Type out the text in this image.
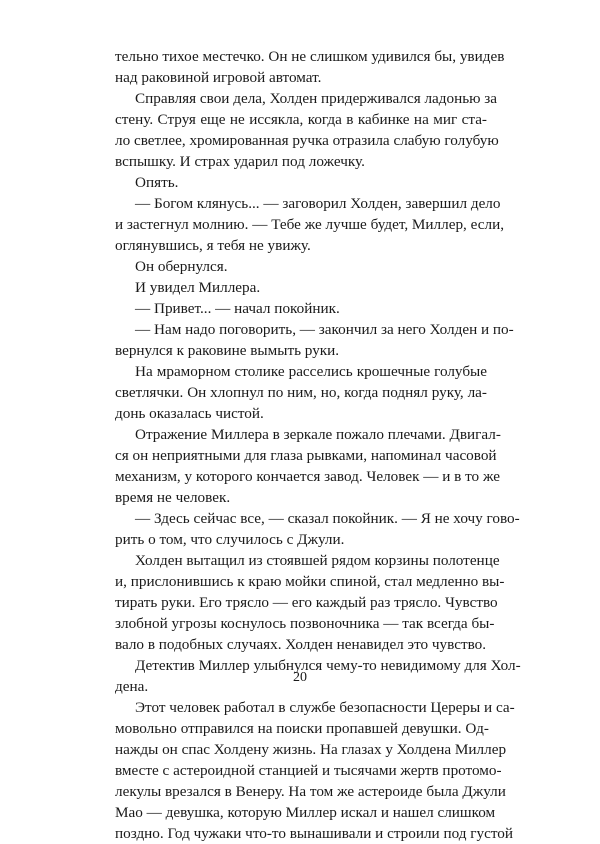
тельно тихое местечко. Он не слишком удивился бы, увидев
над раковиной игровой автомат.
Справляя свои дела, Холден придерживался ладонью за
стену. Струя еще не иссякла, когда в кабинке на миг ста-
ло светлее, хромированная ручка отразила слабую голубую
вспышку. И страх ударил под ложечку.
Опять.
— Богом клянусь... — заговорил Холден, завершил дело
и застегнул молнию. — Тебе же лучше будет, Миллер, если,
оглянувшись, я тебя не увижу.
Он обернулся.
И увидел Миллера.
— Привет... — начал покойник.
— Нам надо поговорить, — закончил за него Холден и по-
вернулся к раковине вымыть руки.
На мраморном столике расселись крошечные голубые
светлячки. Он хлопнул по ним, но, когда поднял руку, ла-
донь оказалась чистой.
Отражение Миллера в зеркале пожало плечами. Двигал-
ся он неприятными для глаза рывками, напоминал часовой
механизм, у которого кончается завод. Человек — и в то же
время не человек.
— Здесь сейчас все, — сказал покойник. — Я не хочу гово-
рить о том, что случилось с Джули.
Холден вытащил из стоявшей рядом корзины полотенце
и, прислонившись к краю мойки спиной, стал медленно вы-
тирать руки. Его трясло — его каждый раз трясло. Чувство
злобной угрозы коснулось позвоночника — так всегда бы-
вало в подобных случаях. Холден ненавидел это чувство.
Детектив Миллер улыбнулся чему-то невидимому для Хол-
дена.
Этот человек работал в службе безопасности Цереры и са-
мовольно отправился на поиски пропавшей девушки. Од-
нажды он спас Холдену жизнь. На глазах у Холдена Миллер
вместе с астероидной станцией и тысячами жертв протомо-
лекулы врезался в Венеру. На том же астероиде была Джули
Мао — девушка, которую Миллер искал и нашел слишком
поздно. Год чужаки что-то вынашивали и строили под густой
20
